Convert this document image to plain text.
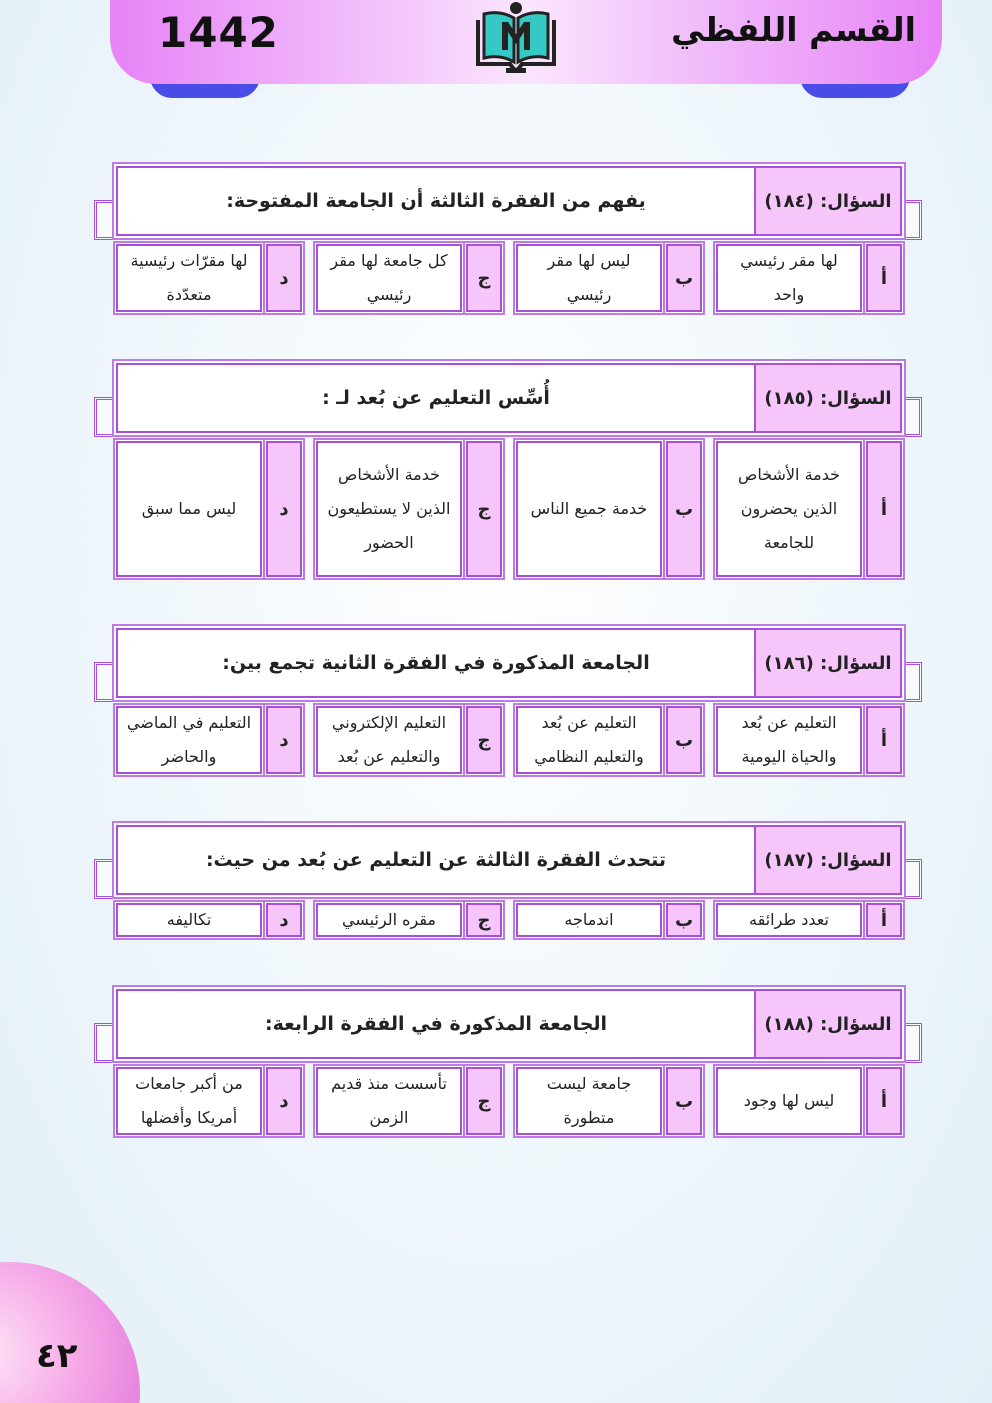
1442	القسم اللفظي
السؤال: (١٨٤)
يفهم من الفقرة الثالثة أن الجامعة المفتوحة:
أ
لها مقر رئيسي واحد
ب
ليس لها مقر رئيسي
ج
كل جامعة لها مقر رئيسي
د
لها مقرّات رئيسية متعدّدة
السؤال: (١٨٥)
أُسِّس التعليم عن بُعد لـ :
أ
خدمة الأشخاص الذين يحضرون للجامعة
ب
خدمة جميع الناس
ج
خدمة الأشخاص الذين لا يستطيعون الحضور
د
ليس مما سبق
السؤال: (١٨٦)
الجامعة المذكورة في الفقرة الثانية تجمع بين:
أ
التعليم عن بُعد والحياة اليومية
ب
التعليم عن بُعد والتعليم النظامي
ج
التعليم الإلكتروني والتعليم عن بُعد
د
التعليم في الماضي والحاضر
السؤال: (١٨٧)
تتحدث الفقرة الثالثة عن التعليم عن بُعد من حيث:
أ
تعدد طرائقه
ب
اندماجه
ج
مقره الرئيسي
د
تكاليفه
السؤال: (١٨٨)
الجامعة المذكورة في الفقرة الرابعة:
أ
ليس لها وجود
ب
جامعة ليست متطورة
ج
تأسست منذ قديم الزمن
د
من أكبر جامعات أمريكا وأفضلها
٤٢
